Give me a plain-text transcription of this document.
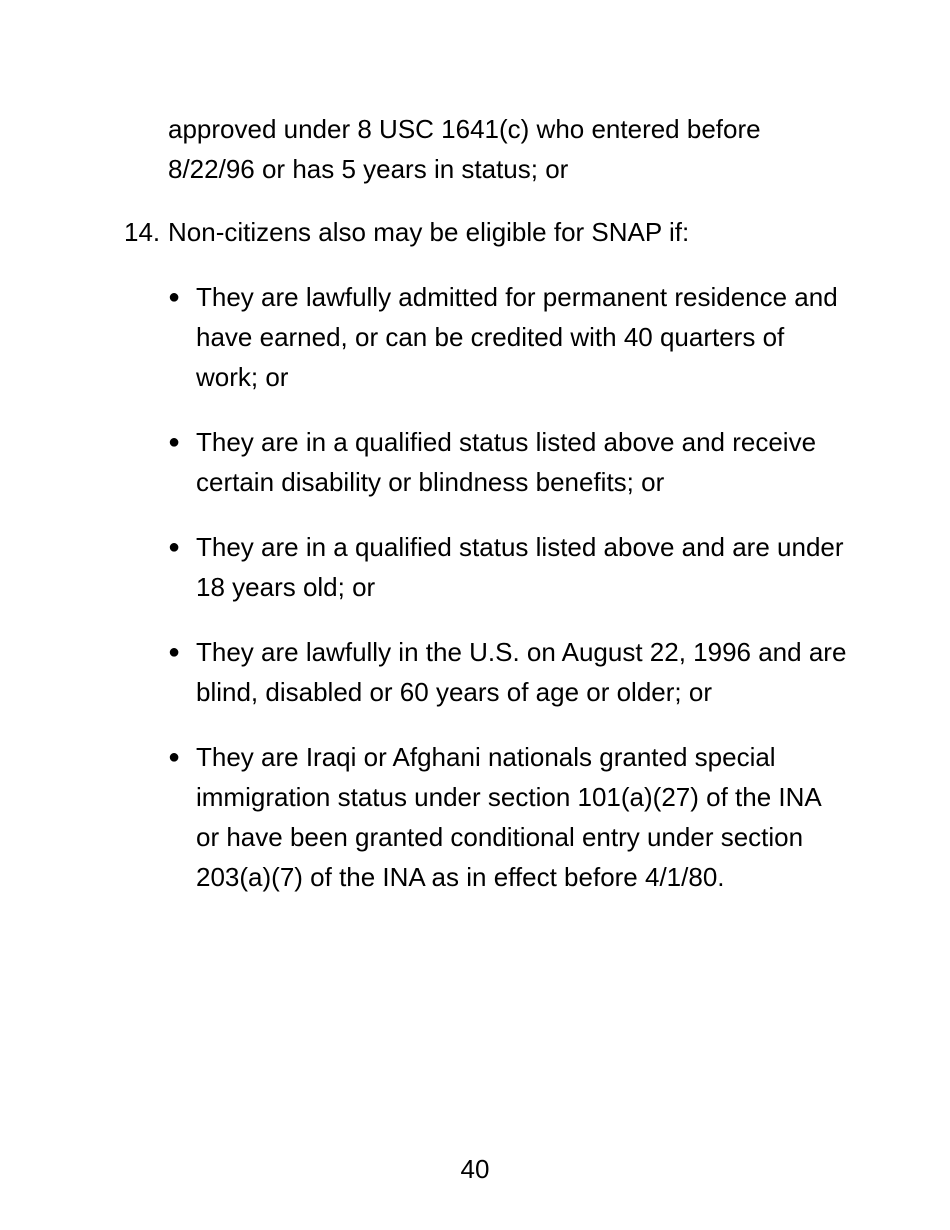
approved under 8 USC 1641(c) who entered before
8/22/96 or has 5 years in status; or

14. Non-citizens also may be eligible for SNAP if:

● They are lawfully admitted for permanent residence and have earned, or can be credited with 40 quarters of work; or
● They are in a qualified status listed above and receive certain disability or blindness benefits; or
● They are in a qualified status listed above and are under 18 years old; or
● They are lawfully in the U.S. on August 22, 1996 and are blind, disabled or 60 years of age or older; or
● They are Iraqi or Afghani nationals granted special immigration status under section 101(a)(27) of the INA or have been granted conditional entry under section 203(a)(7) of the INA as in effect before 4/1/80.

40
